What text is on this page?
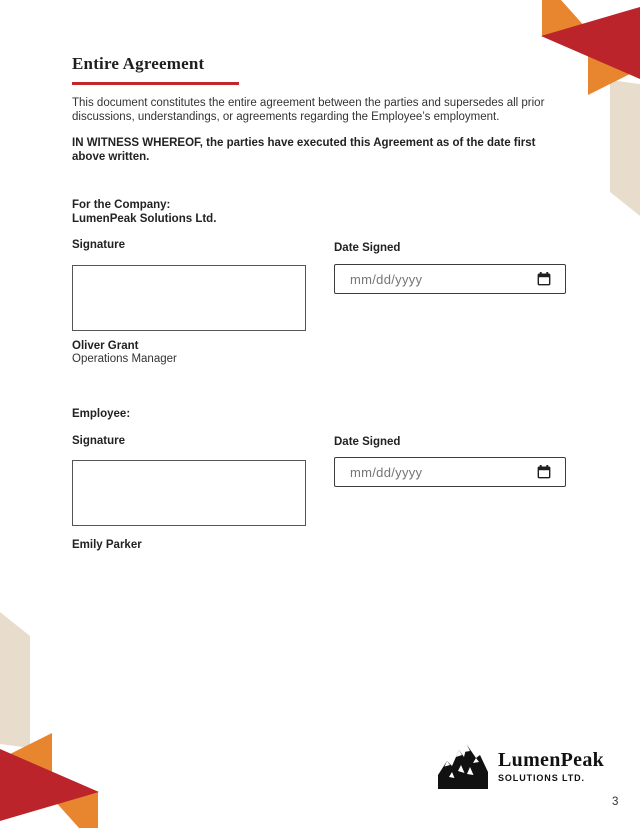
Entire Agreement

This document constitutes the entire agreement between the parties and supersedes all prior discussions, understandings, or agreements regarding the Employee’s employment.

IN WITNESS WHEREOF, the parties have executed this Agreement as of the date first above written.

For the Company:
LumenPeak Solutions Ltd.
Signature	Date Signed
mm/dd/yyyy
Oliver Grant
Operations Manager
Employee:
Signature	Date Signed
mm/dd/yyyy
Emily Parker
LumenPeak
SOLUTIONS LTD.
3
